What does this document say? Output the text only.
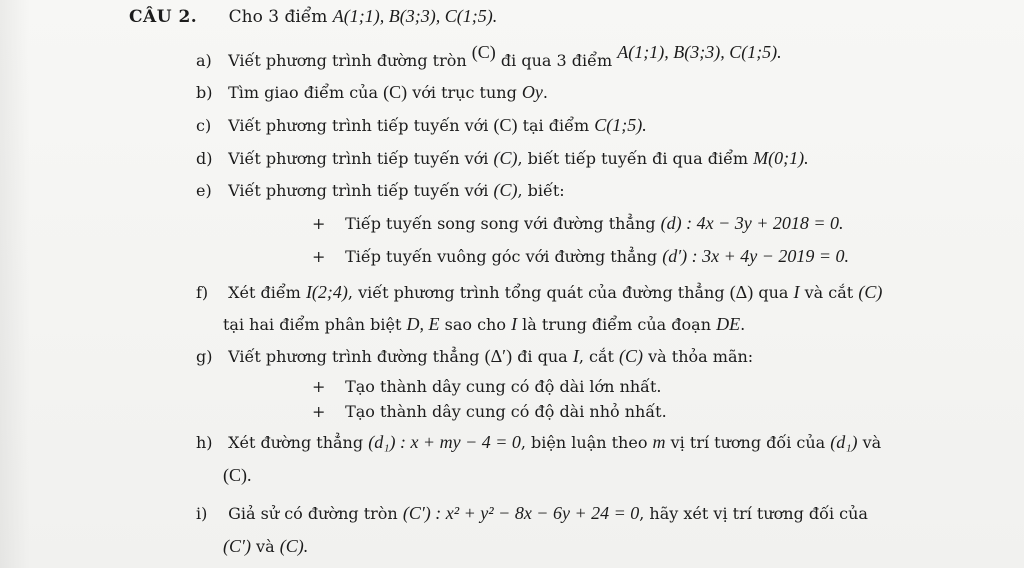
CÂU 2. Cho 3 điểm A(1;1), B(3;3), C(1;5).
a) Viết phương trình đường tròn (C) đi qua 3 điểm A(1;1), B(3;3), C(1;5).
b) Tìm giao điểm của (C) với trục tung Oy.
c) Viết phương trình tiếp tuyến với (C) tại điểm C(1;5).
d) Viết phương trình tiếp tuyến với (C), biết tiếp tuyến đi qua điểm M(0;1).
e) Viết phương trình tiếp tuyến với (C), biết:
+ Tiếp tuyến song song với đường thẳng (d) : 4x − 3y + 2018 = 0.
+ Tiếp tuyến vuông góc với đường thẳng (d′) : 3x + 4y − 2019 = 0.
f) Xét điểm I(2;4), viết phương trình tổng quát của đường thẳng (Δ) qua I và cắt (C)
tại hai điểm phân biệt D, E sao cho I là trung điểm của đoạn DE.
g) Viết phương trình đường thẳng (Δ′) đi qua I, cắt (C) và thỏa mãn:
+ Tạo thành dây cung có độ dài lớn nhất.
+ Tạo thành dây cung có độ dài nhỏ nhất.
h) Xét đường thẳng (d₁) : x + my − 4 = 0, biện luận theo m vị trí tương đối của (d₁) và
(C).
i) Giả sử có đường tròn (C′) : x² + y² − 8x − 6y + 24 = 0, hãy xét vị trí tương đối của
(C′) và (C).
